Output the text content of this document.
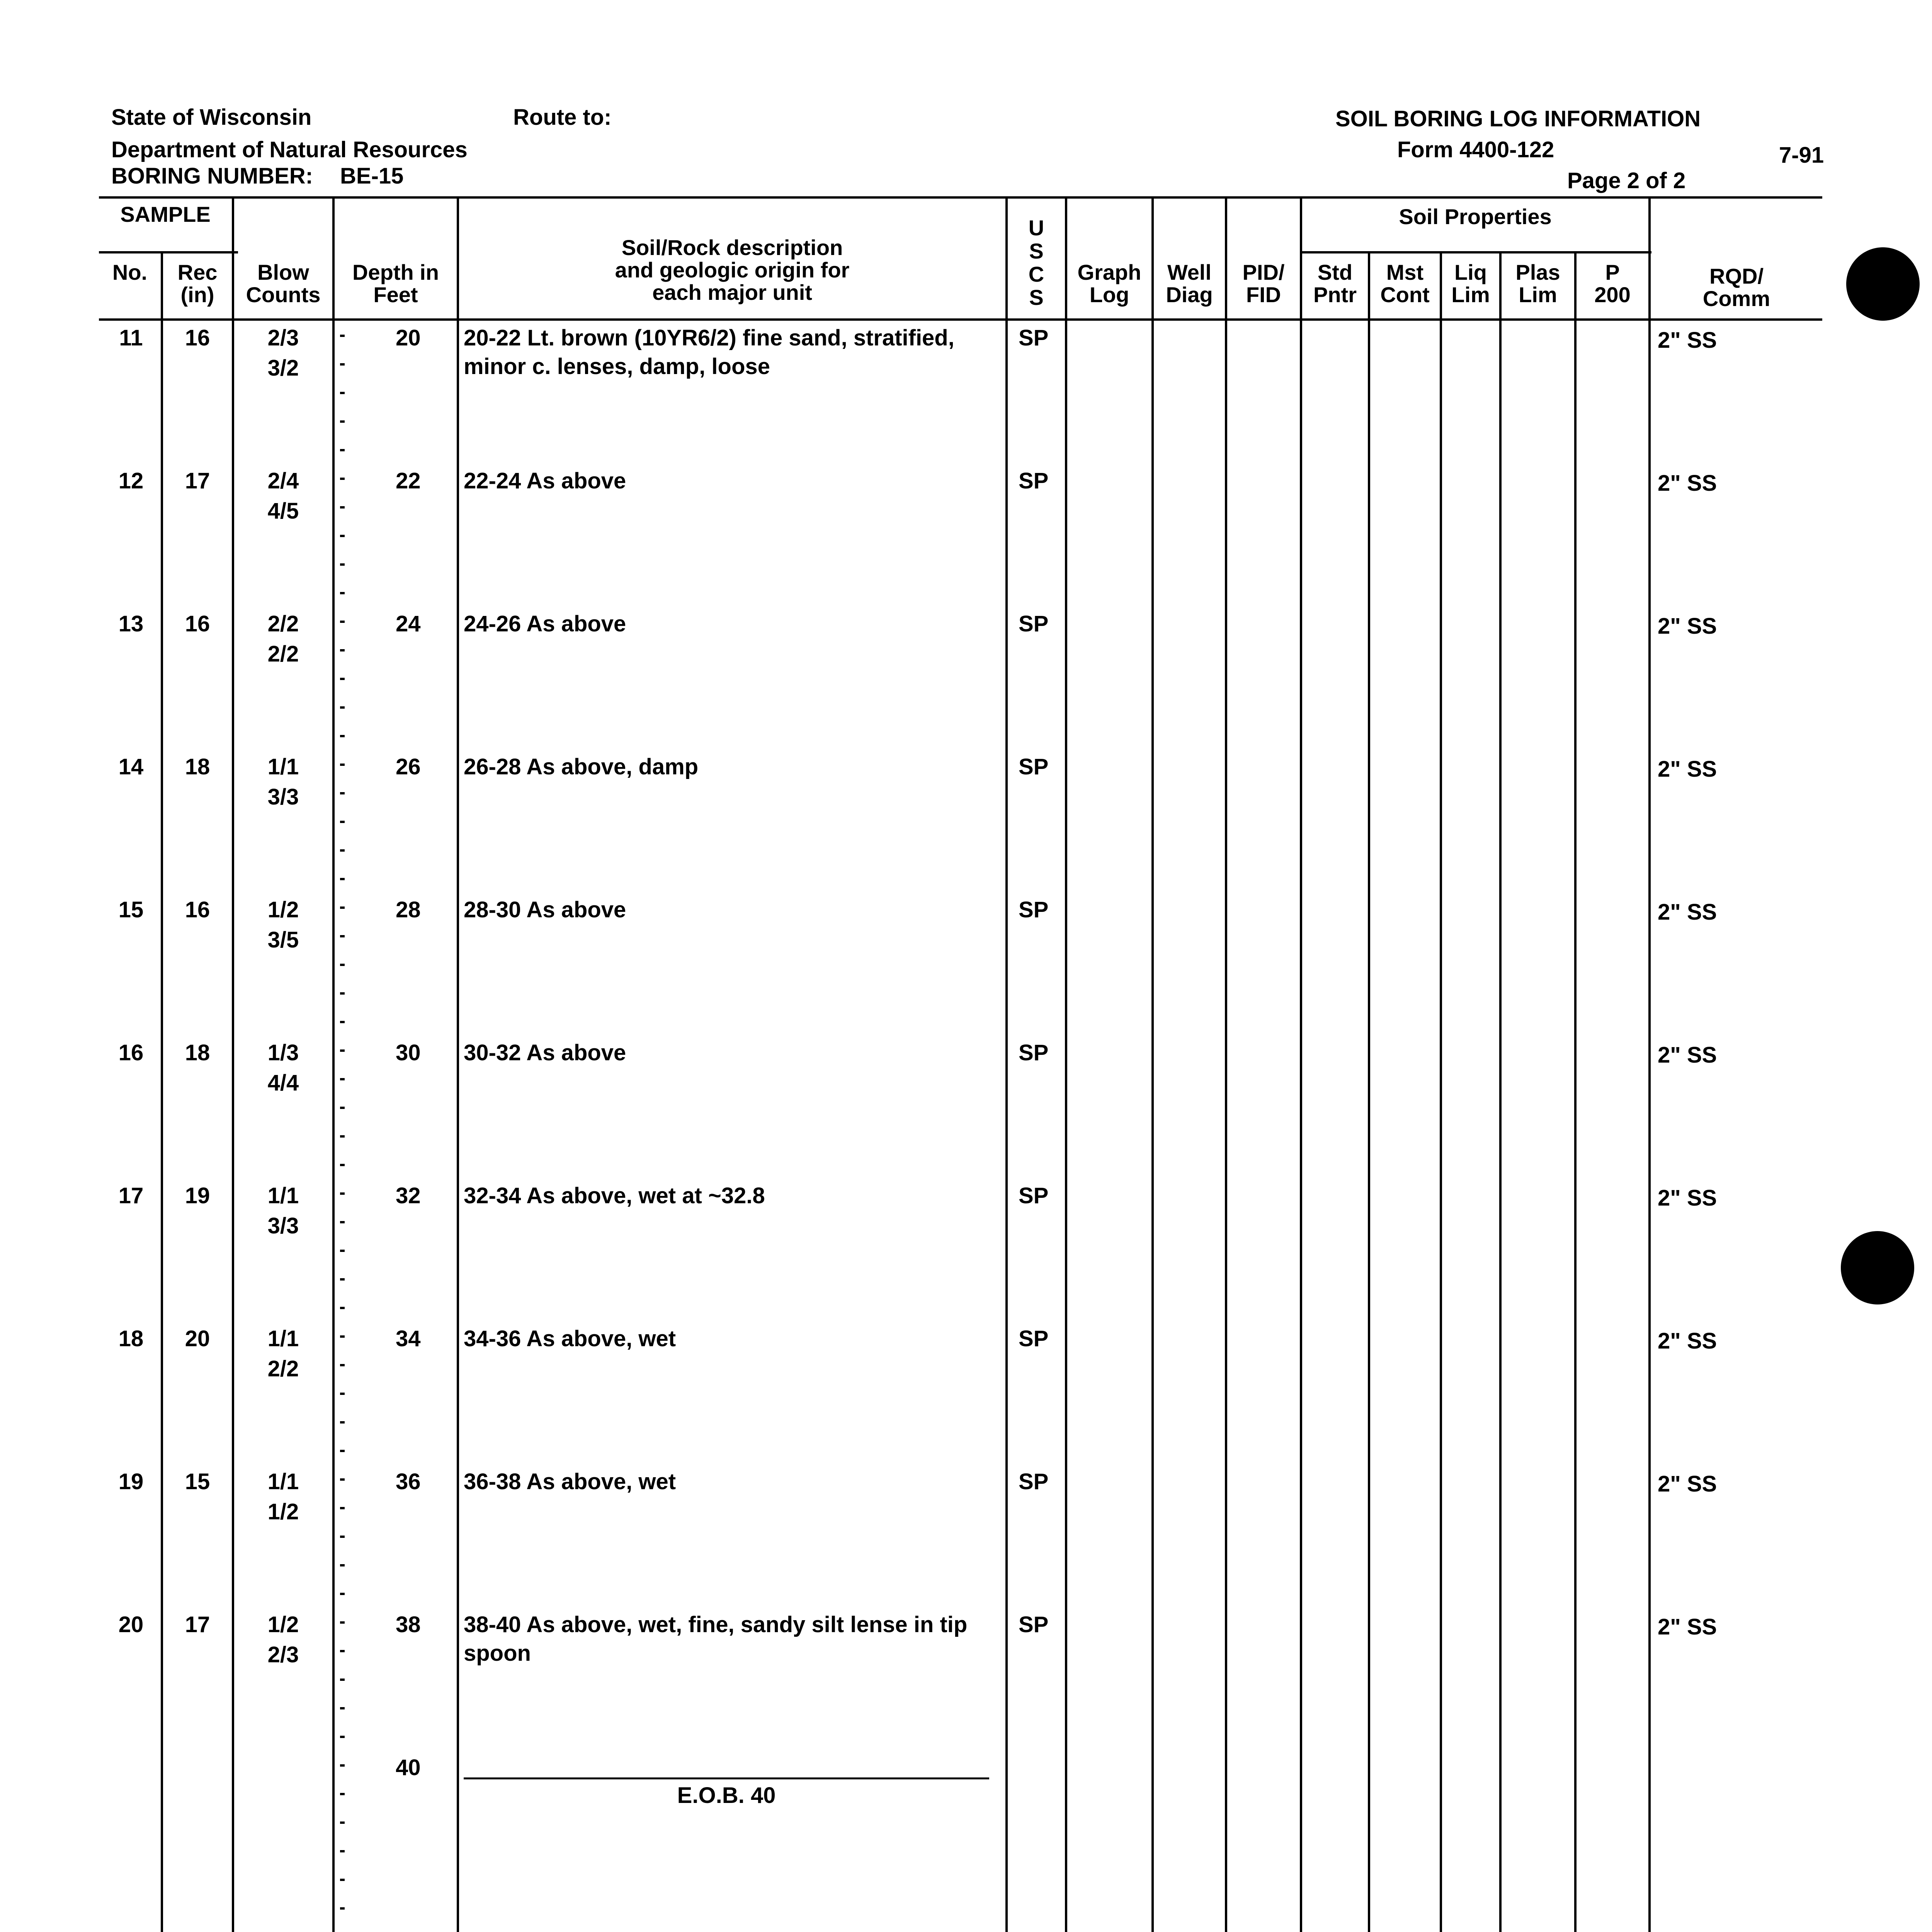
State of Wisconsin
Department of Natural Resources
BORING NUMBER: BE-15
Route to:	SOIL BORING LOG INFORMATION
Form 4400-122	7-91
Page 2 of 2
SAMPLE
No.	Rec
(in)
Blow
Counts
Depth in
Feet
Soil/Rock description
and geologic origin for
each major unit
U
S
C
S
Graph
Log
Well
Diag
PID/
FID
Soil Properties
Std
Pntr
Mst
Cont
Liq
Lim
Plas
Lim
P
200
RQD/
Comm
11	16	2/3
3/2
20 20-22 Lt. brown (10YR6/2) fine sand, stratified,
minor c. lenses, damp, loose
SP	2" SS
12	17	2/4
4/5
22 22-24 As above	SP	2" SS
13	16	2/2
2/2
24 24-26 As above	SP	2" SS
14	18	1/1
3/3
26 26-28 As above, damp	SP	2" SS
15	16	1/2
3/5
28 28-30 As above	SP	2" SS
16	18	1/3
4/4
30 30-32 As above	SP	2" SS
17	19	1/1
3/3
32 32-34 As above, wet at ~32.8	SP	2" SS
18	20	1/1
2/2
34 34-36 As above, wet	SP	2" SS
19	15	1/1
1/2
36 36-38 As above, wet	SP	2" SS
20	17	1/2
2/3
38 38-40 As above, wet, fine, sandy silt lense in tip
spoon
SP	2" SS
40
E.O.B. 40
